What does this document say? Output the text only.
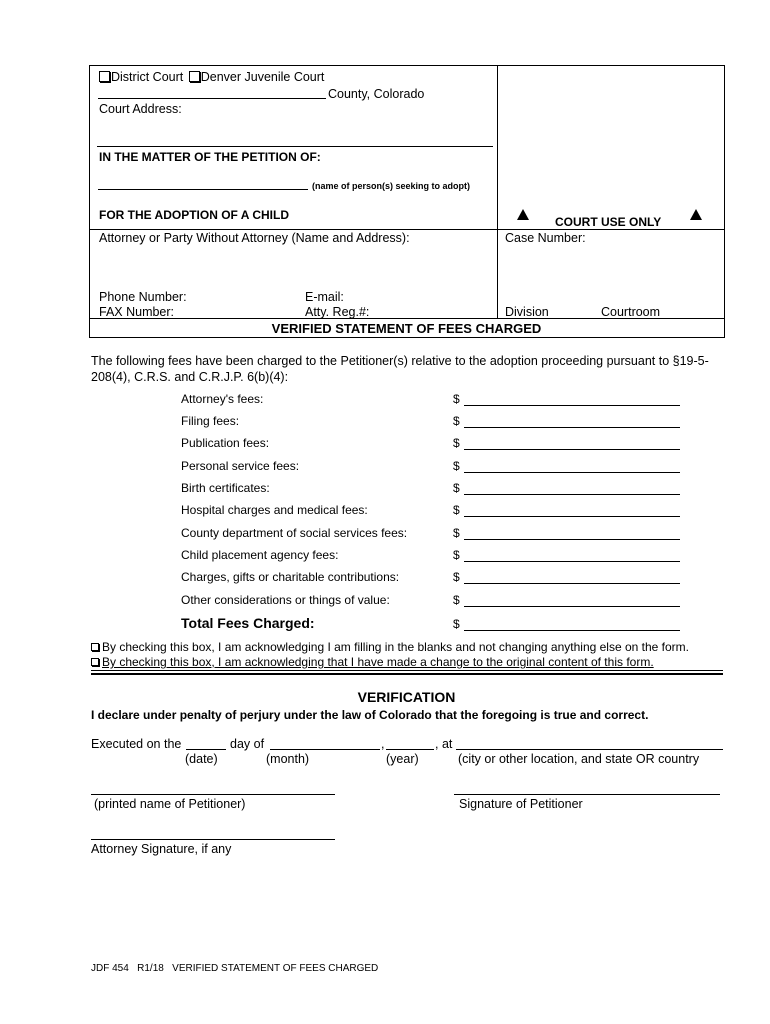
District Court Denver Juvenile Court
County, Colorado
Court Address:
IN THE MATTER OF THE PETITION OF:
(name of person(s) seeking to adopt)
FOR THE ADOPTION OF A CHILD	COURT USE ONLY
Attorney or Party Without Attorney (Name and Address):	Case Number:
Phone Number:	E-mail:
FAX Number:	Atty. Reg.#:	Division	Courtroom
VERIFIED STATEMENT OF FEES CHARGED
The following fees have been charged to the Petitioner(s) relative to the adoption proceeding pursuant to §19-5-
208(4), C.R.S. and C.R.J.P. 6(b)(4):
Attorney's fees:	$
Filing fees:	$
Publication fees:	$
Personal service fees:	$
Birth certificates:	$
Hospital charges and medical fees:	$
County department of social services fees:	$
Child placement agency fees:	$
Charges, gifts or charitable contributions:	$
Other considerations or things of value:	$
Total Fees Charged:	$
By checking this box, I am acknowledging I am filling in the blanks and not changing anything else on the form.
By checking this box, I am acknowledging that I have made a change to the original content of this form.
VERIFICATION
I declare under penalty of perjury under the law of Colorado that the foregoing is true and correct.
Executed on the	day of	,	, at
(date)	(month)	(year)	(city or other location, and state OR country
(printed name of Petitioner)	Signature of Petitioner
Attorney Signature, if any
JDF 454   R1/18   VERIFIED STATEMENT OF FEES CHARGED
